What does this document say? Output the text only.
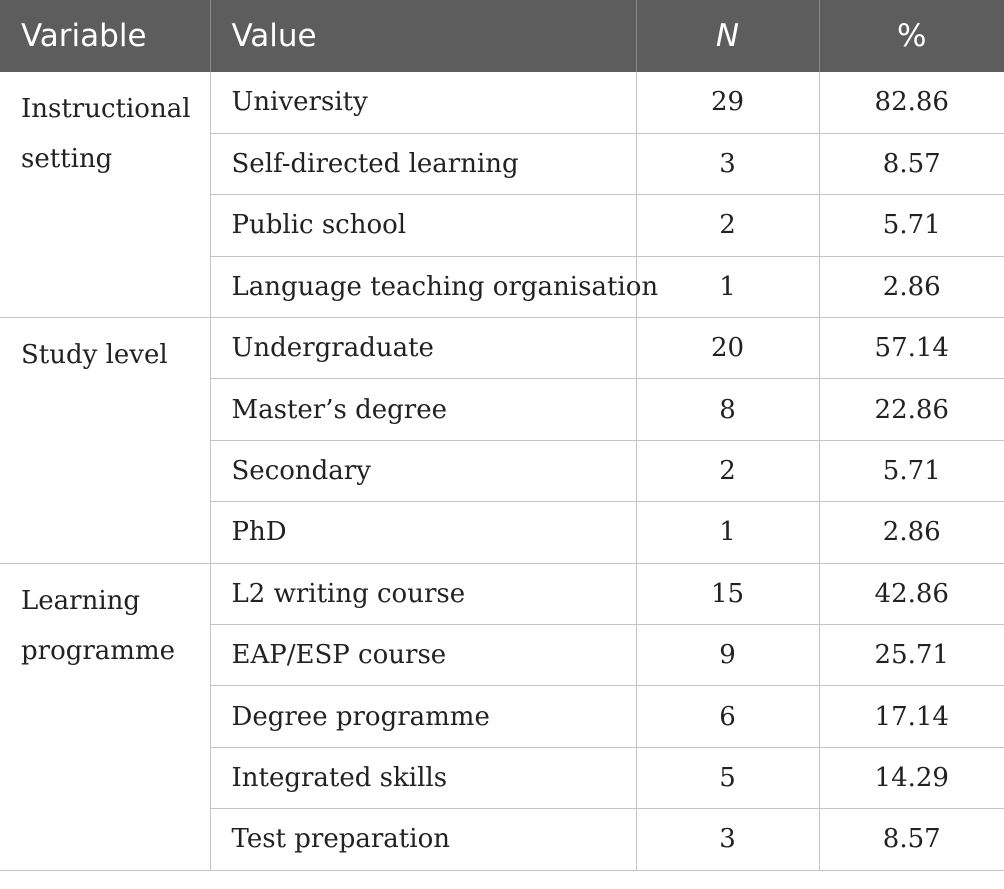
Variable	Value	N	%
Instructional setting	University	29	82.86
	Self-directed learning	3	8.57
	Public school	2	5.71
	Language teaching organisation	1	2.86
Study level	Undergraduate	20	57.14
	Master’s degree	8	22.86
	Secondary	2	5.71
	PhD	1	2.86
Learning programme	L2 writing course	15	42.86
	EAP/ESP course	9	25.71
	Degree programme	6	17.14
	Integrated skills	5	14.29
	Test preparation	3	8.57
